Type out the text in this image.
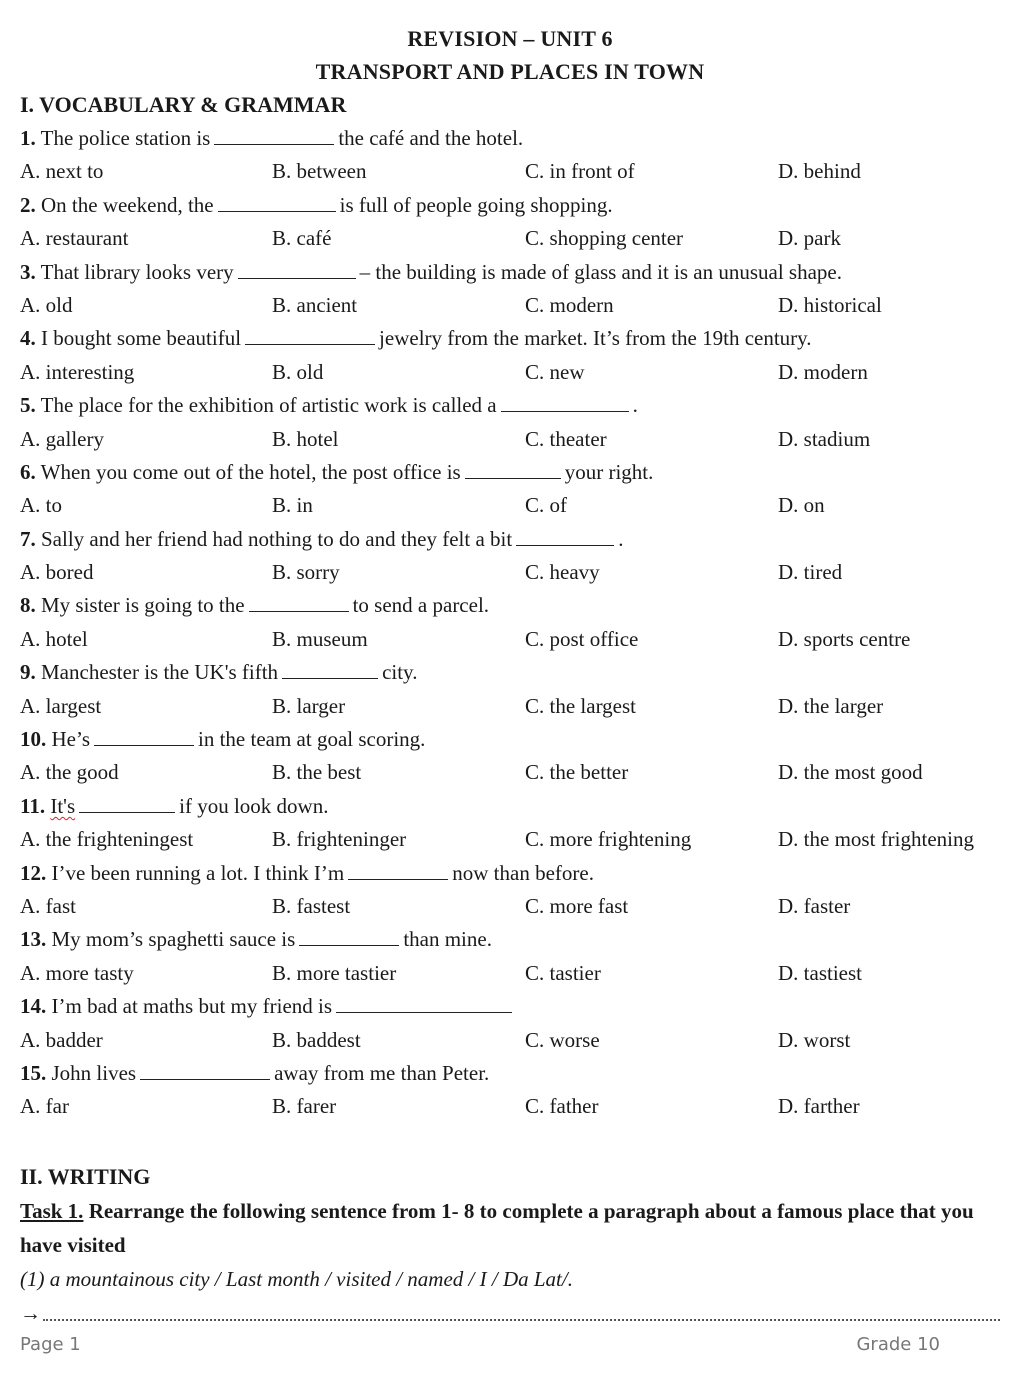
REVISION – UNIT 6
TRANSPORT AND PLACES IN TOWN
I. VOCABULARY & GRAMMAR
1. The police station is	the café and the hotel.
A. next to	B. between	C. in front of	D. behind
2. On the weekend, the	is full of people going shopping.
A. restaurant	B. café	C. shopping center	D. park
3. That library looks very	– the building is made of glass and it is an unusual shape.
A. old	B. ancient	C. modern	D. historical
4. I bought some beautiful	jewelry from the market. It’s from the 19th century.
A. interesting	B. old	C. new	D. modern
5. The place for the exhibition of artistic work is called a	.
A. gallery	B. hotel	C. theater	D. stadium
6. When you come out of the hotel, the post office is	your right.
A. to	B. in	C. of	D. on
7. Sally and her friend had nothing to do and they felt a bit	.
A. bored	B. sorry	C. heavy	D. tired
8. My sister is going to the	to send a parcel.
A. hotel	B. museum	C. post office	D. sports centre
9. Manchester is the UK's fifth	city.
A. largest	B. larger	C. the largest	D. the larger
10. He’s	in the team at goal scoring.
A. the good	B. the best	C. the better	D. the most good
11. It's	if you look down.
A. the frighteningest	B. frighteninger	C. more frightening	D. the most frightening
12. I’ve been running a lot. I think I’m	now than before.
A. fast	B. fastest	C. more fast	D. faster
13. My mom’s spaghetti sauce is	than mine.
A. more tasty	B. more tastier	C. tastier	D. tastiest
14. I’m bad at maths but my friend is
A. badder	B. baddest	C. worse	D. worst
15. John lives	away from me than Peter.
A. far	B. farer	C. father	D. farther
II. WRITING
Task 1. Rearrange the following sentence from 1- 8 to complete a paragraph about a famous place that you have visited
(1) a mountainous city / Last month / visited / named / I / Da Lat/.
→
Page 1	Grade 10
